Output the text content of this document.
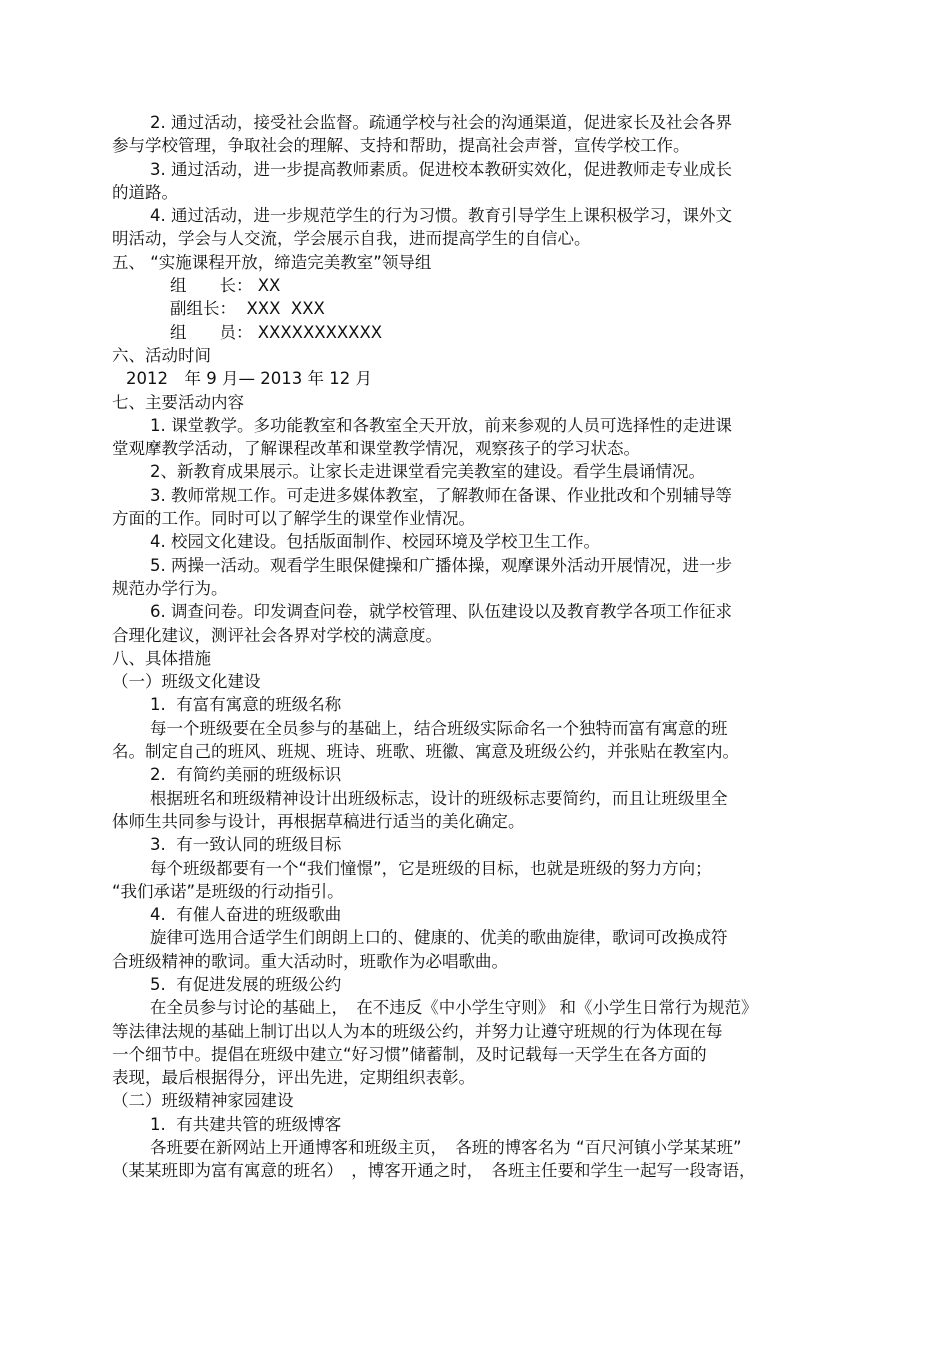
2. 通过活动，接受社会监督。疏通学校与社会的沟通渠道，促进家长及社会各界
参与学校管理，争取社会的理解、支持和帮助，提高社会声誉，宣传学校工作。
3. 通过活动，进一步提高教师素质。促进校本教研实效化，促进教师走专业成长
的道路。
4. 通过活动，进一步规范学生的行为习惯。教育引导学生上课积极学习，课外文
明活动，学会与人交流，学会展示自我，进而提高学生的自信心。
五、 “实施课程开放，缔造完美教室”领导组
组　　长： XX
副组长：  XXX  XXX
组　　员： XXXXXXXXXXX
六、活动时间
2012　年 9 月— 2013 年 12 月
七、主要活动内容
1. 课堂教学。多功能教室和各教室全天开放，前来参观的人员可选择性的走进课
堂观摩教学活动，了解课程改革和课堂教学情况，观察孩子的学习状态。
2、新教育成果展示。让家长走进课堂看完美教室的建设。看学生晨诵情况。
3. 教师常规工作。可走进多媒体教室，了解教师在备课、作业批改和个别辅导等
方面的工作。同时可以了解学生的课堂作业情况。
4. 校园文化建设。包括版面制作、校园环境及学校卫生工作。
5. 两操一活动。观看学生眼保健操和广播体操，观摩课外活动开展情况，进一步
规范办学行为。
6. 调查问卷。印发调查问卷，就学校管理、队伍建设以及教育教学各项工作征求
合理化建议，测评社会各界对学校的满意度。
八、具体措施
（一）班级文化建设
1.  有富有寓意的班级名称
每一个班级要在全员参与的基础上，结合班级实际命名一个独特而富有寓意的班
名。制定自己的班风、班规、班诗、班歌、班徽、寓意及班级公约，并张贴在教室内。
2.  有简约美丽的班级标识
根据班名和班级精神设计出班级标志，设计的班级标志要简约，而且让班级里全
体师生共同参与设计，再根据草稿进行适当的美化确定。
3.  有一致认同的班级目标
每个班级都要有一个“我们憧憬”，它是班级的目标，也就是班级的努力方向；
“我们承诺”是班级的行动指引。
4.  有催人奋进的班级歌曲
旋律可选用合适学生们朗朗上口的、健康的、优美的歌曲旋律，歌词可改换成符
合班级精神的歌词。重大活动时，班歌作为必唱歌曲。
5.  有促进发展的班级公约
在全员参与讨论的基础上，　在不违反《中小学生守则》 和《小学生日常行为规范》
等法律法规的基础上制订出以人为本的班级公约，并努力让遵守班规的行为体现在每
一个细节中。提倡在班级中建立“好习惯”储蓄制，及时记载每一天学生在各方面的
表现，最后根据得分，评出先进，定期组织表彰。
（二）班级精神家园建设
1.  有共建共管的班级博客
各班要在新网站上开通博客和班级主页，　各班的博客名为 “百尺河镇小学某某班”
（某某班即为富有寓意的班名）　，博客开通之时，　各班主任要和学生一起写一段寄语，
